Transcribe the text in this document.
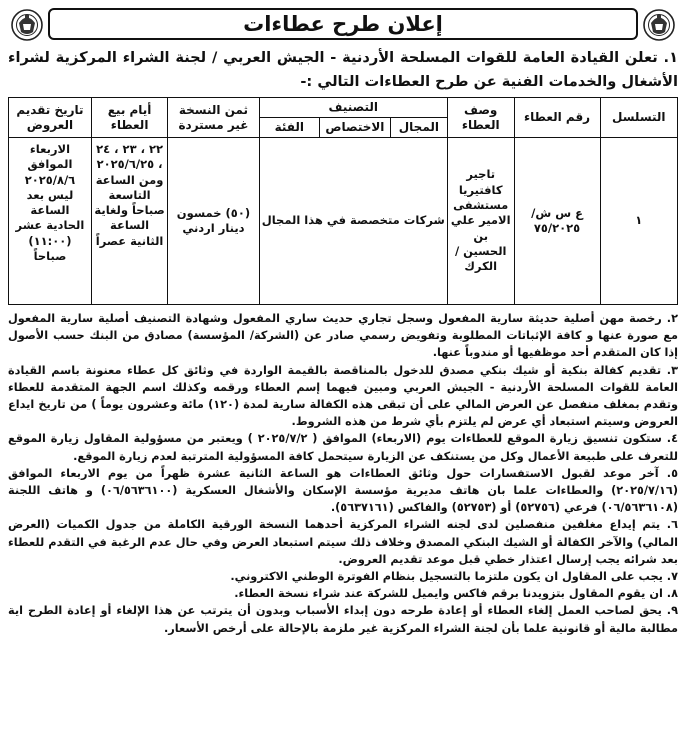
إعلان طرح عطاءات

١. تعلن القيادة العامة للقوات المسلحة الأردنية - الجيش العربي / لجنة الشراء المركزية لشراء الأشغال والخدمات الفنية عن طرح العطاءات التالي :-

التسلسل	رقم العطاء	وصف العطاء	التصنيف			ثمن النسخة غير مستردة	أيام بيع العطاء	تاريخ تقديم العروض
			المجال	الاختصاص	الفئة			
١	ع س ش/٧٥/٢٠٢٥	تاجير كافتيريا مستشفى الامير علي بن الحسين /الكرك	شركات متخصصة في هذا المجال			(٥٠) خمسون دينار اردني	٢٢ ، ٢٣ ، ٢٤ ، ٢٠٢٥/٦/٢٥ ومن الساعة التاسعة صباحاً ولغاية الساعة الثانية عصراً	الاربعاء الموافق ٢٠٢٥/٨/٦ ليس بعد الساعة الحادية عشر (١١:٠٠) صباحاً

٢. رخصة مهن أصلية حديثة سارية المفعول وسجل تجاري حديث ساري المفعول وشهادة التصنيف أصلية سارية المفعول مع صورة عنها و كافة الإثباتات المطلوبة وتفويض رسمي صادر عن (الشركة/ المؤسسة) مصادق من البنك حسب الأصول إذا كان المتقدم أحد موظفيها أو مندوباً عنها.

٣. تقديم كفالة بنكية أو شيك بنكي مصدق للدخول بالمناقصة بالقيمة الواردة في وثائق كل عطاء معنونة باسم القيادة العامة للقوات المسلحة الأردنية - الجيش العربي ومبين فيهما إسم العطاء ورقمه وكذلك اسم الجهة المتقدمة للعطاء وتقدم بمغلف منفصل عن العرض المالي على أن تبقى هذه الكفالة سارية لمدة (١٢٠) مائة وعشرون يوماً ) من تاريخ ايداع العروض وسيتم استبعاد أي عرض لم يلتزم بأي شرط من هذه الشروط.

٤. ستكون تنسيق زيارة الموقع للعطاءات يوم (الاربعاء) الموافق ( ٢٠٢٥/٧/٢ ) ويعتبر من مسؤولية المقاول زيارة الموقع للتعرف على طبيعة الأعمال وكل من يستنكف عن الزيارة سيتحمل كافة المسؤولية المترتبة لعدم زيارة الموقع.

٥. آخر موعد لقبول الاستفسارات حول وثائق العطاءات هو الساعة الثانية عشرة ظهراً من يوم الاربعاء الموافق (٢٠٢٥/٧/١٦) والعطاءات علما بان هاتف مديرية مؤسسة الإسكان والأشغال العسكرية (٠٦/٥٦٣٦١٠٠) و هاتف اللجنة (٠٦/٥٦٣٦١٠٨) فرعي (٥٢٧٥٦) أو (٥٢٧٥٣) والفاكس (٥٦٣٧١٦١).

٦. يتم إيداع مغلفين منفصلين لدى لجنه الشراء المركزية أحدهما النسخة الورقية الكاملة من جدول الكميات (العرض المالي) والآخر الكفالة أو الشيك البنكي المصدق وخلاف ذلك سيتم استبعاد العرض وفي حال عدم الرغبة في التقدم للعطاء بعد شرائه يجب إرسال اعتذار خطي قبل موعد تقديم العروض.

٧. يجب على المقاول ان يكون ملتزما بالتسجيل بنظام الفوترة الوطني الاكتروني.

٨. ان يقوم المقاول بتزويدنا برقم فاكس وايميل للشركة عند شراء نسخة العطاء.

٩. يحق لصاحب العمل إلغاء العطاء أو إعادة طرحه دون إبداء الأسباب وبدون أن يترتب عن هذا الإلغاء أو إعادة الطرح اية مطالبة مالية أو قانونية علما بأن لجنة الشراء المركزية غير ملزمة بالإحالة على أرخص الأسعار.
